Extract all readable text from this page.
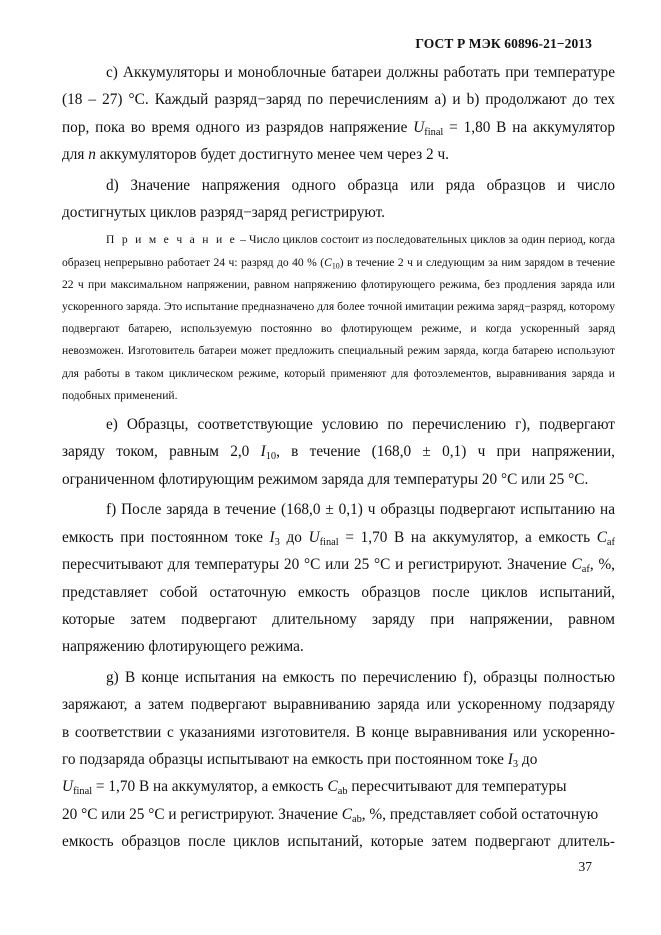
ГОСТ Р МЭК 60896-21−2013

с) Аккумуляторы и моноблочные батареи должны работать при температуре (18 – 27) °С. Каждый разряд−заряд по перечислениям а) и b) продолжают до тех пор, пока во время одного из разрядов напряжение $U_{final} = 1,80$ В на аккумулятор для n аккумуляторов будет достигнуто менее чем через 2 ч.

d) Значение напряжения одного образца или ряда образцов и число достигнутых циклов разряд−заряд регистрируют.

П р и м е ч а н и е – Число циклов состоит из последовательных циклов за один период, когда образец непрерывно работает 24 ч: разряд до 40 % $(C_{10})$ в течение 2 ч и следующим за ним зарядом в течение 22 ч при максимальном напряжении, равном напряжению флотирующего режима, без продления заряда или ускоренного заряда. Это испытание предназначено для более точной имитации режима заряд−разряд, которому подвергают батарею, используемую постоянно во флотирующем режиме, и когда ускоренный заряд невозможен. Изготовитель батареи может предложить специальный режим заряда, когда батарею используют для работы в таком циклическом режиме, который применяют для фотоэлементов, выравнивания заряда и подобных применений.

е) Образцы, соответствующие условию по перечислению г), подвергают заряду током, равным 2,0 $I_{10}$, в течение (168,0 ± 0,1) ч при напряжении, ограниченном флотирующим режимом заряда для температуры 20 °С или 25 °С.

f) После заряда в течение (168,0 ± 0,1) ч образцы подвергают испытанию на емкость при постоянном токе $I_3$ до $U_{final} = 1,70$ В на аккумулятор, а емкость $C_{af}$ пересчитывают для температуры 20 °С или 25 °С и регистрируют. Значение $C_{af}$, %, представляет собой остаточную емкость образцов после циклов испытаний, которые затем подвергают длительному заряду при напряжении, равном напряжению флотирующего режима.

g) В конце испытания на емкость по перечислению f), образцы полностью
заряжают, а затем подвергают выравниванию заряда или ускоренному подзаряду
в соответствии с указаниями изготовителя. В конце выравнивания или ускоренно-
го подзаряда образцы испытывают на емкость при постоянном токе $I_3$ до
$U_{final} = 1,70$ В на аккумулятор, а емкость $C_{ab}$ пересчитывают для температуры
20 °С или 25 °С и регистрируют. Значение $C_{ab}$, %, представляет собой остаточную
емкость образцов после циклов испытаний, которые затем подвергают длитель-

37
